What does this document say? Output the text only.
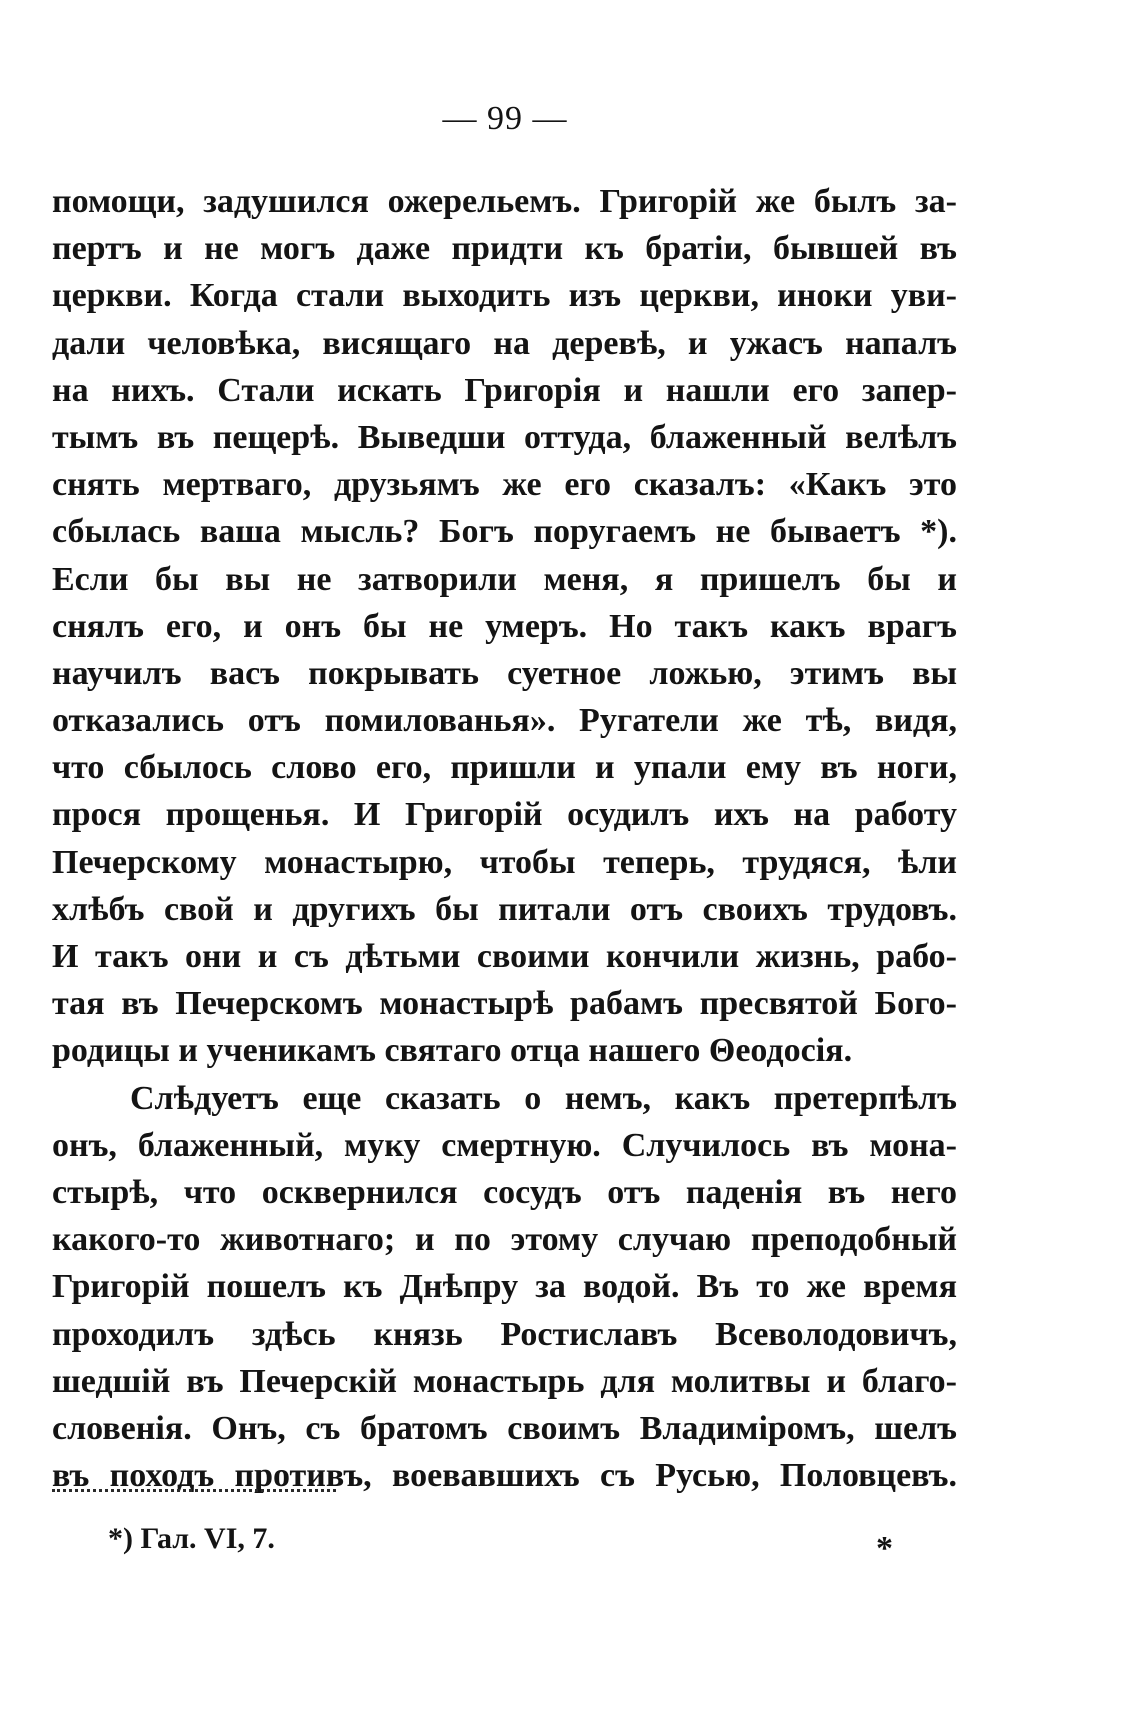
— 99 —
помощи, задушился ожерельемъ. Григорій же былъ за-
пертъ и не могъ даже придти къ братіи, бывшей въ
церкви. Когда стали выходить изъ церкви, иноки уви-
дали человѣка, висящаго на деревѣ, и ужасъ напалъ
на нихъ. Стали искать Григорія и нашли его запер-
тымъ въ пещерѣ. Выведши оттуда, блаженный велѣлъ
снять мертваго, друзьямъ же его сказалъ: «Какъ это
сбылась ваша мысль? Богъ поругаемъ не бываетъ *).
Если бы вы не затворили меня, я пришелъ бы и
снялъ его, и онъ бы не умеръ. Но такъ какъ врагъ
научилъ васъ покрывать суетное ложью, этимъ вы
отказались отъ помилованья». Ругатели же тѣ, видя,
что сбылось слово его, пришли и упали ему въ ноги,
прося прощенья. И Григорій осудилъ ихъ на работу
Печерскому монастырю, чтобы теперь, трудяся, ѣли
хлѣбъ свой и другихъ бы питали отъ своихъ трудовъ.
И такъ они и съ дѣтьми своими кончили жизнь, рабо-
тая въ Печерскомъ монастырѣ рабамъ пресвятой Бого-
родицы и ученикамъ святаго отца нашего Θеодосія.
Слѣдуетъ еще сказать о немъ, какъ претерпѣлъ
онъ, блаженный, муку смертную. Случилось въ мона-
стырѣ, что осквернился сосудъ отъ паденія въ него
какого-то животнаго; и по этому случаю преподобный
Григорій пошелъ къ Днѣпру за водой. Въ то же время
проходилъ здѣсь князь Ростиславъ Всеволодовичъ,
шедшій въ Печерскій монастырь для молитвы и благо-
словенія. Онъ, съ братомъ своимъ Владиміромъ, шелъ
въ походъ противъ, воевавшихъ съ Русью, Половцевъ.
*) Гал. VI, 7.	*
